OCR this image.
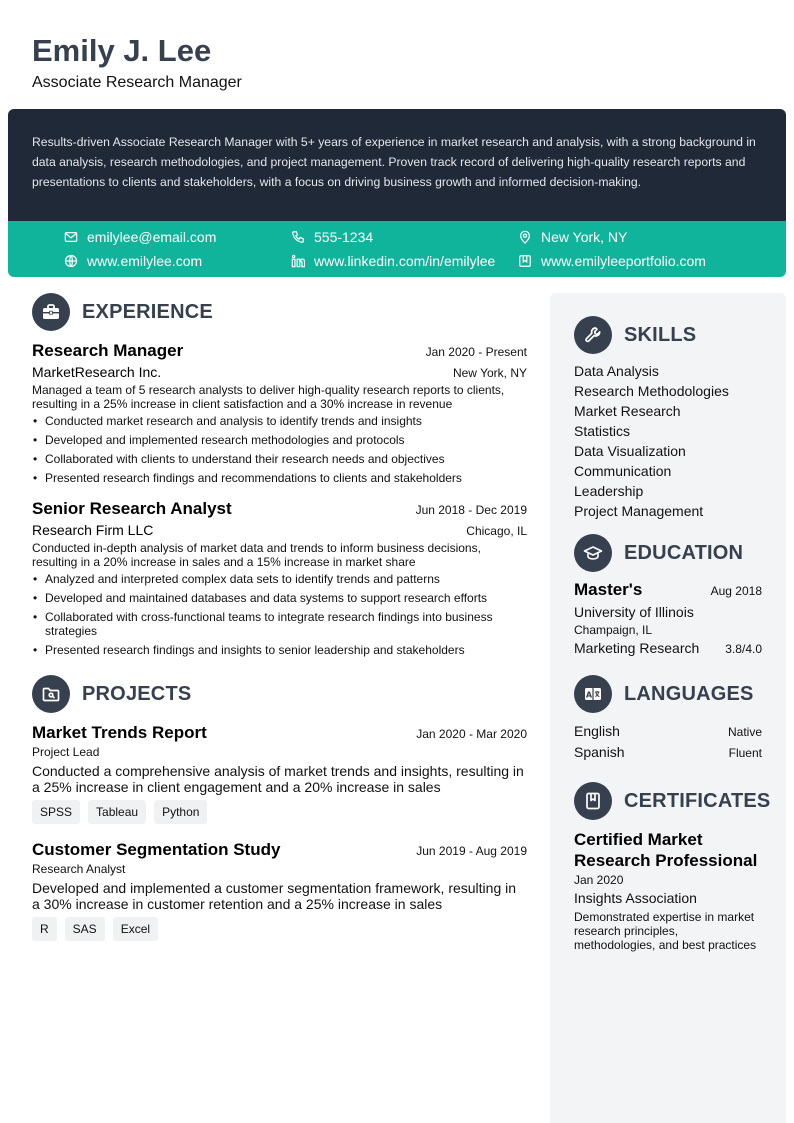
Emily J. Lee
Associate Research Manager

Results-driven Associate Research Manager with 5+ years of experience in market research and analysis, with a strong background in data analysis, research methodologies, and project management. Proven track record of delivering high-quality research reports and presentations to clients and stakeholders, with a focus on driving business growth and informed decision-making.

emilylee@email.com	555-1234	New York, NY
www.emilylee.com	www.linkedin.com/in/emilylee	www.emilyleeportfolio.com
EXPERIENCE
Research Manager	Jan 2020 - Present
MarketResearch Inc.	New York, NY

Managed a team of 5 research analysts to deliver high-quality research reports to clients, resulting in a 25% increase in client satisfaction and a 30% increase in revenue

• Conducted market research and analysis to identify trends and insights
• Developed and implemented research methodologies and protocols
• Collaborated with clients to understand their research needs and objectives
• Presented research findings and recommendations to clients and stakeholders
Senior Research Analyst	Jun 2018 - Dec 2019
Research Firm LLC	Chicago, IL

Conducted in-depth analysis of market data and trends to inform business decisions, resulting in a 20% increase in sales and a 15% increase in market share

• Analyzed and interpreted complex data sets to identify trends and patterns
• Developed and maintained databases and data systems to support research efforts
• Collaborated with cross-functional teams to integrate research findings into business strategies
• Presented research findings and insights to senior leadership and stakeholders
PROJECTS
Market Trends Report	Jan 2020 - Mar 2020
Project Lead

Conducted a comprehensive analysis of market trends and insights, resulting in a 25% increase in client engagement and a 20% increase in sales

SPSS	Tableau	Python
Customer Segmentation Study	Jun 2019 - Aug 2019
Research Analyst

Developed and implemented a customer segmentation framework, resulting in a 30% increase in customer retention and a 25% increase in sales

R	SAS	Excel
SKILLS
Data Analysis
Research Methodologies
Market Research
Statistics
Data Visualization
Communication
Leadership
Project Management
EDUCATION
Master's	Aug 2018
University of Illinois
Champaign, IL
Marketing Research 3.8/4.0
A LANGUAGES
English	Native
Spanish	Fluent
CERTIFICATES
Certified Market Research Professional
Jan 2020
Insights Association
Demonstrated expertise in market research principles, methodologies, and best practices
